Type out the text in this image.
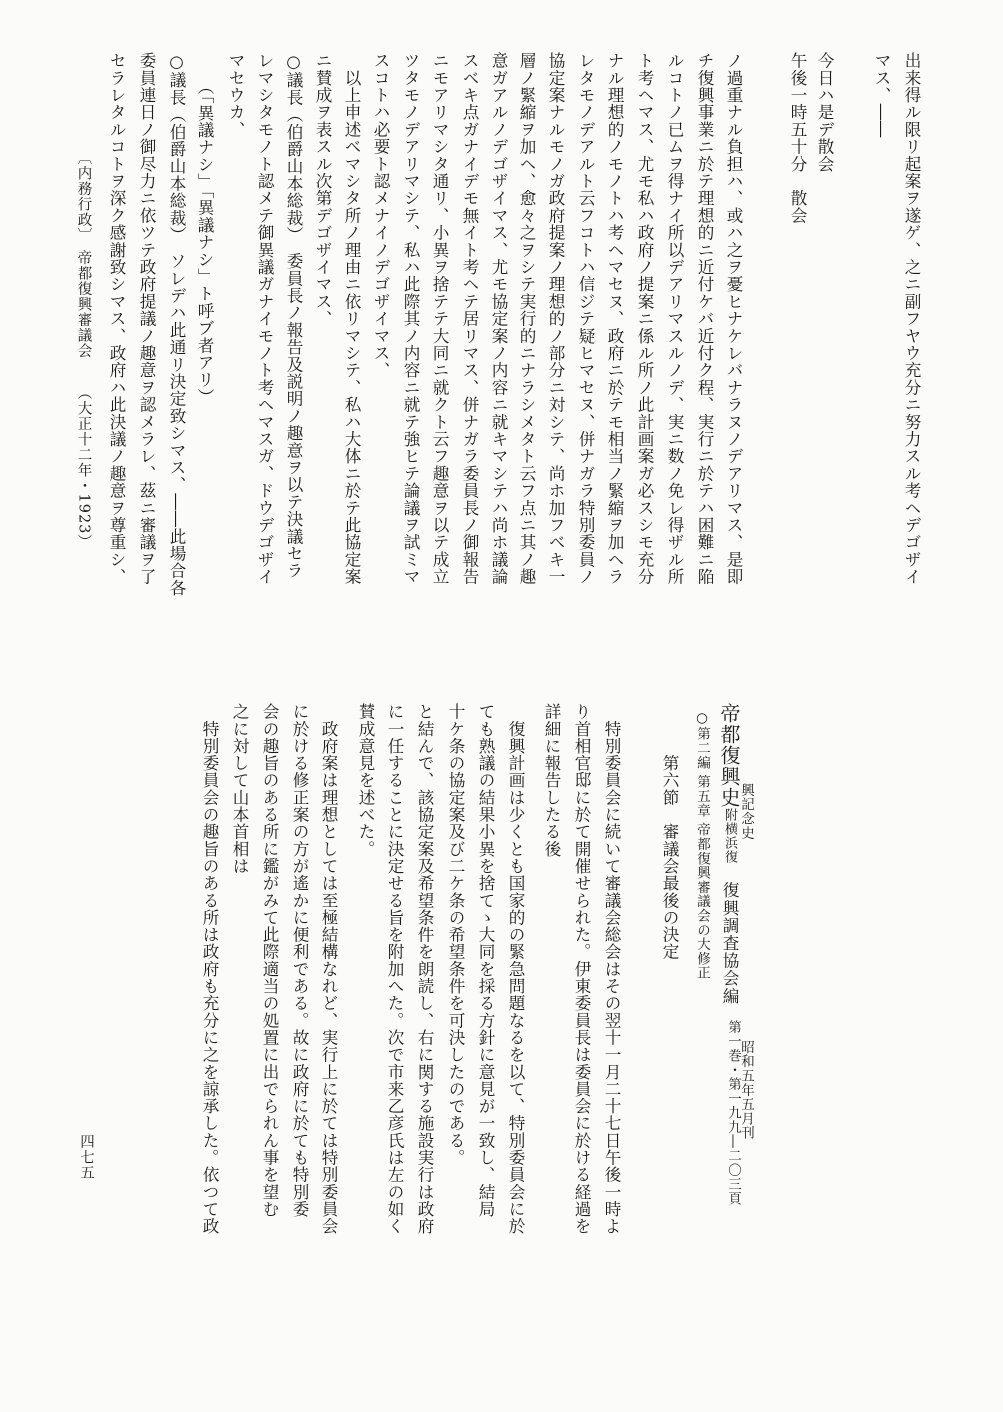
出来得ル限リ起案ヲ遂ゲ、之ニ副フヤウ充分ニ努力スル考ヘデゴザイ
マス、――
今日ハ是デ散会
午後一時五十分　散会
ノ過重ナル負担ハ、或ハ之ヲ憂ヒナケレバナラヌノデアリマス、是即
チ復興事業ニ於テ理想的ニ近付ケバ近付ク程、実行ニ於テハ困難ニ陥
ルコトノ已ムヲ得ナイ所以デアリマスルノデ、実ニ数ノ免レ得ザル所
ト考ヘマス、尤モ私ハ政府ノ提案ニ係ル所ノ此計画案ガ必スシモ充分
ナル理想的ノモノトハ考ヘマセヌ、政府ニ於テモ相当ノ緊縮ヲ加ヘラ
レタモノデアルト云フコトハ信ジテ疑ヒマセヌ、併ナガラ特別委員ノ
協定案ナルモノガ政府提案ノ理想的ノ部分ニ対シテ、尚ホ加フベキ一
層ノ緊縮ヲ加ヘ、愈々之ヲシテ実行的ニナラシメタト云フ点ニ其ノ趣
意ガアルノデゴザイマス、尤モ協定案ノ内容ニ就キマシテハ尚ホ議論
スベキ点ガナイデモ無イト考ヘテ居リマス、併ナガラ委員長ノ御報告
ニモアリマシタ通リ、小異ヲ捨テテ大同ニ就クト云フ趣意ヲ以テ成立
ツタモノデアリマシテ、私ハ此際其ノ内容ニ就テ強ヒテ論議ヲ試ミマ
スコトハ必要ト認メナイノデゴザイマス、
　以上申述ベマシタ所ノ理由ニ依リマシテ、私ハ大体ニ於テ此協定案
ニ賛成ヲ表スル次第デゴザイマス、
○議長（伯爵山本総裁）　委員長ノ報告及説明ノ趣意ヲ以テ決議セラ
レマシタモノト認メテ御異議ガナイモノト考ヘマスガ、ドウデゴザイ
マセウカ、
　　（「異議ナシ」「異議ナシ」ト呼ブ者アリ）
○議長（伯爵山本総裁）　ソレデハ此通リ決定致シマス、――此場合各
委員連日ノ御尽力ニ依ツテ政府提議ノ趣意ヲ認メラレ、茲ニ審議ヲ了
セラレタルコトヲ深ク感謝致シマス、政府ハ此決議ノ趣意ヲ尊重シ、
帝都復興史附横浜復　復興調査協会編
興記念史
第一巻・第一九九―二〇三頁
昭和五年五月刊
○第二編 第五章 帝都復興審議会の大修正
　　　第六節　審議会最後の決定
　特別委員会に続いて審議会総会はその翌十一月二十七日午後一時よ
り首相官邸に於て開催せられた。伊東委員長は委員会に於ける経過を
詳細に報告したる後
　復興計画は少くとも国家的の緊急問題なるを以て、特別委員会に於
ても熟議の結果小異を捨てゝ大同を採る方針に意見が一致し、結局
十ケ条の協定案及び二ケ条の希望条件を可決したのである。
と結んで、該協定案及希望条件を朗読し、右に関する施設実行は政府
に一任することに決定せる旨を附加へた。次で市来乙彦氏は左の如く
賛成意見を述べた。
　政府案は理想としては至極結構なれど、実行上に於ては特別委員会
に於ける修正案の方が遙かに便利である。故に政府に於ても特別委
会の趣旨のある所に鑑がみて此際適当の処置に出でられん事を望む
之に対して山本首相は
　特別委員会の趣旨のある所は政府も充分に之を諒承した。依つて政
〔内務行政〕
帝都復興審議会
（大正十二年・1923）
四七五
